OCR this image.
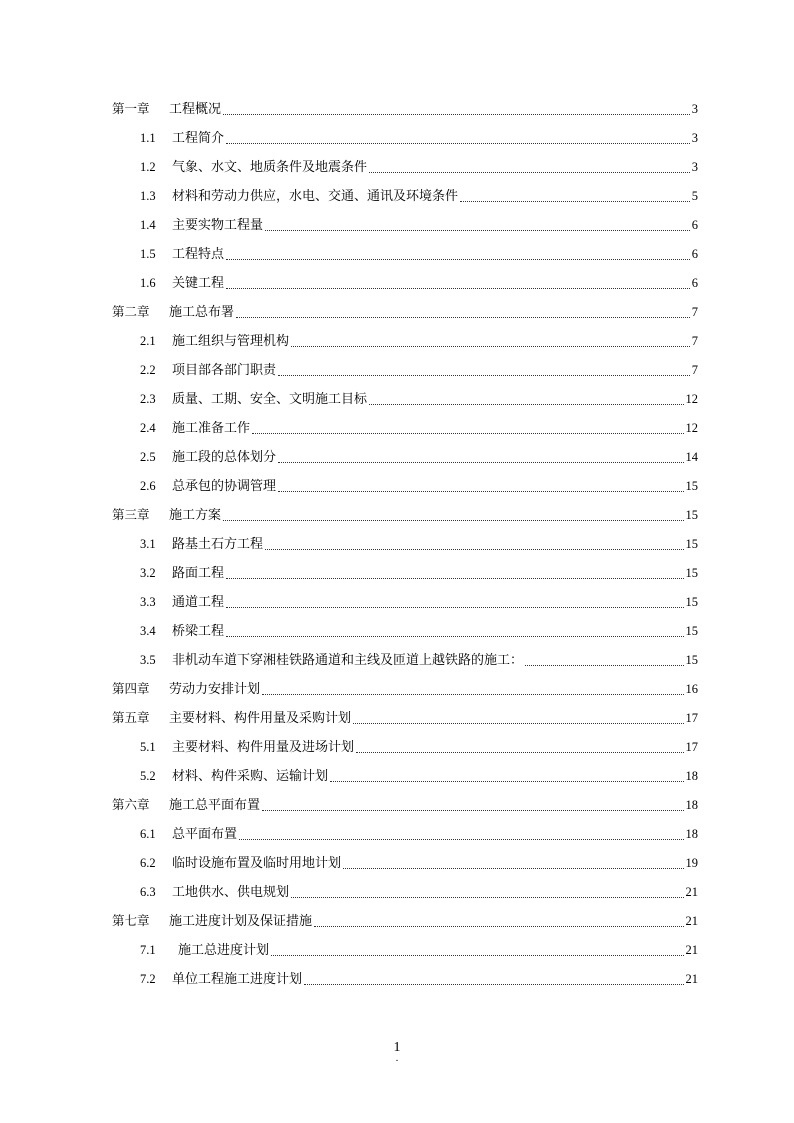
第一章	工程概况	3
1.1	工程简介	3
1.2	气象、水文、地质条件及地震条件	3
1.3	材料和劳动力供应，水电、交通、通讯及环境条件	5
1.4	主要实物工程量	6
1.5	工程特点	6
1.6	关键工程	6
第二章	施工总布署	7
2.1	施工组织与管理机构	7
2.2	项目部各部门职责	7
2.3	质量、工期、安全、文明施工目标	12
2.4	施工准备工作	12
2.5	施工段的总体划分	14
2.6	总承包的协调管理	15
第三章	施工方案	15
3.1	路基土石方工程	15
3.2	路面工程	15
3.3	通道工程	15
3.4	桥梁工程	15
3.5	非机动车道下穿湘桂铁路通道和主线及匝道上越铁路的施工：	15
第四章	劳动力安排计划	16
第五章	主要材料、构件用量及采购计划	17
5.1	主要材料、构件用量及进场计划	17
5.2	材料、构件采购、运输计划	18
第六章	施工总平面布置	18
6.1	总平面布置	18
6.2	临时设施布置及临时用地计划	19
6.3	工地供水、供电规划	21
第七章	施工进度计划及保证措施	21
7.1	施工总进度计划	21
7.2	单位工程施工进度计划	21
1
.
